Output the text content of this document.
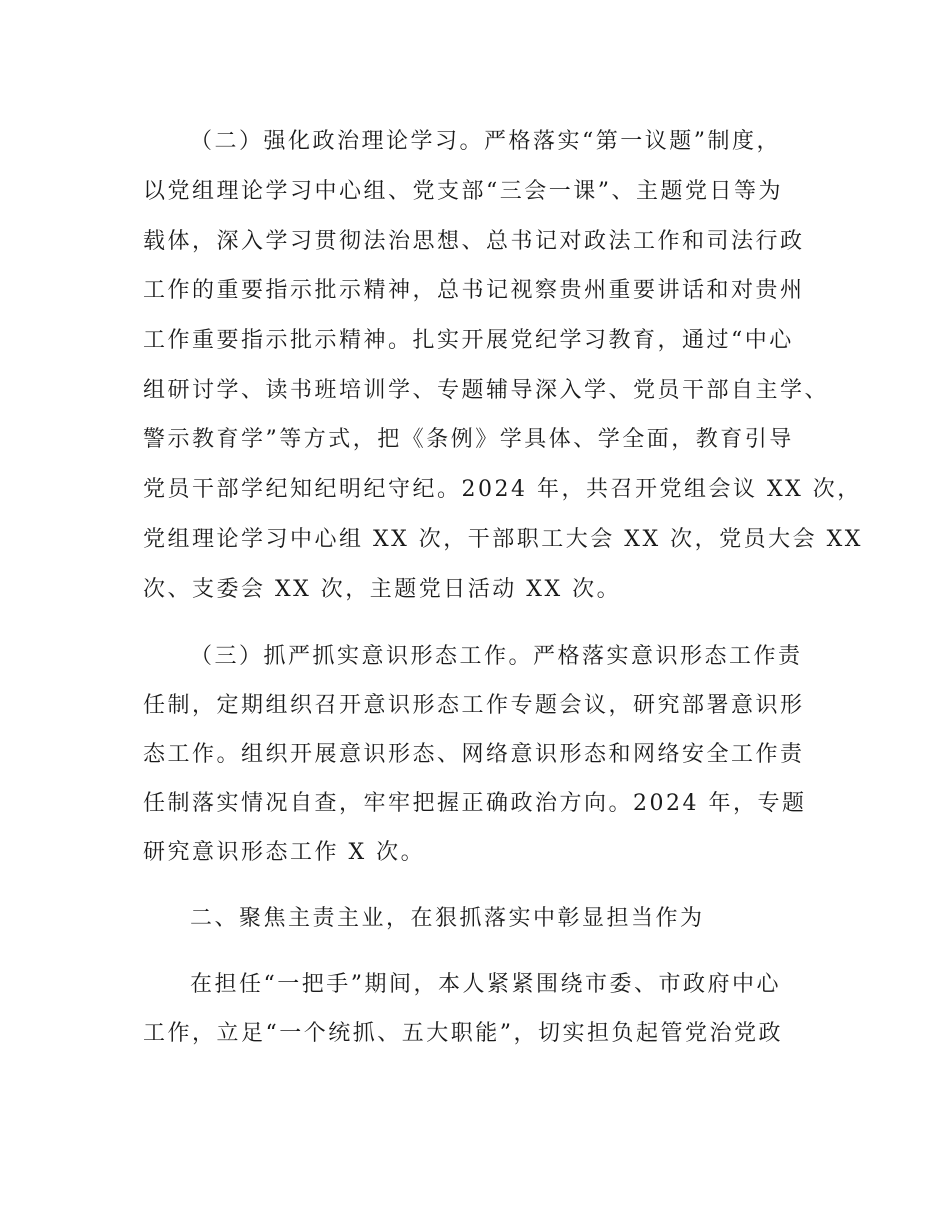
（二）强化政治理论学习。严格落实“第一议题”制度，
以党组理论学习中心组、党支部“三会一课”、主题党日等为
载体，深入学习贯彻法治思想、总书记对政法工作和司法行政
工作的重要指示批示精神，总书记视察贵州重要讲话和对贵州
工作重要指示批示精神。扎实开展党纪学习教育，通过“中心
组研讨学、读书班培训学、专题辅导深入学、党员干部自主学、
警示教育学”等方式，把《条例》学具体、学全面，教育引导
党员干部学纪知纪明纪守纪。2024 年，共召开党组会议 XX 次，
党组理论学习中心组 XX 次，干部职工大会 XX 次，党员大会 XX
次、支委会 XX 次，主题党日活动 XX 次。
（三）抓严抓实意识形态工作。严格落实意识形态工作责
任制，定期组织召开意识形态工作专题会议，研究部署意识形
态工作。组织开展意识形态、网络意识形态和网络安全工作责
任制落实情况自查，牢牢把握正确政治方向。2024 年，专题
研究意识形态工作 X 次。
二、聚焦主责主业，在狠抓落实中彰显担当作为
在担任“一把手”期间，本人紧紧围绕市委、市政府中心
工作，立足“一个统抓、五大职能”，切实担负起管党治党政
